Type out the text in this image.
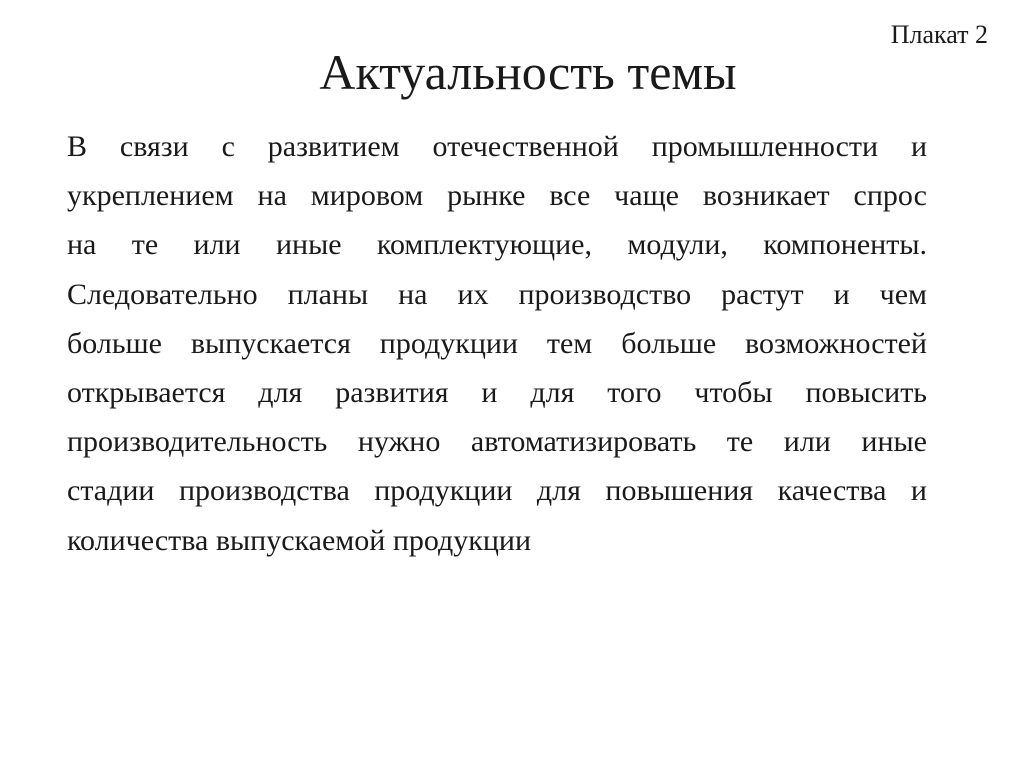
Плакат 2
Актуальность темы
В связи с развитием отечественной промышленности и
укреплением на мировом рынке все чаще возникает спрос
на те или иные комплектующие, модули, компоненты.
Следовательно планы на их производство растут и чем
больше выпускается продукции тем больше возможностей
открывается для развития и для того чтобы повысить
производительность нужно автоматизировать те или иные
стадии производства продукции для повышения качества и
количества выпускаемой продукции
